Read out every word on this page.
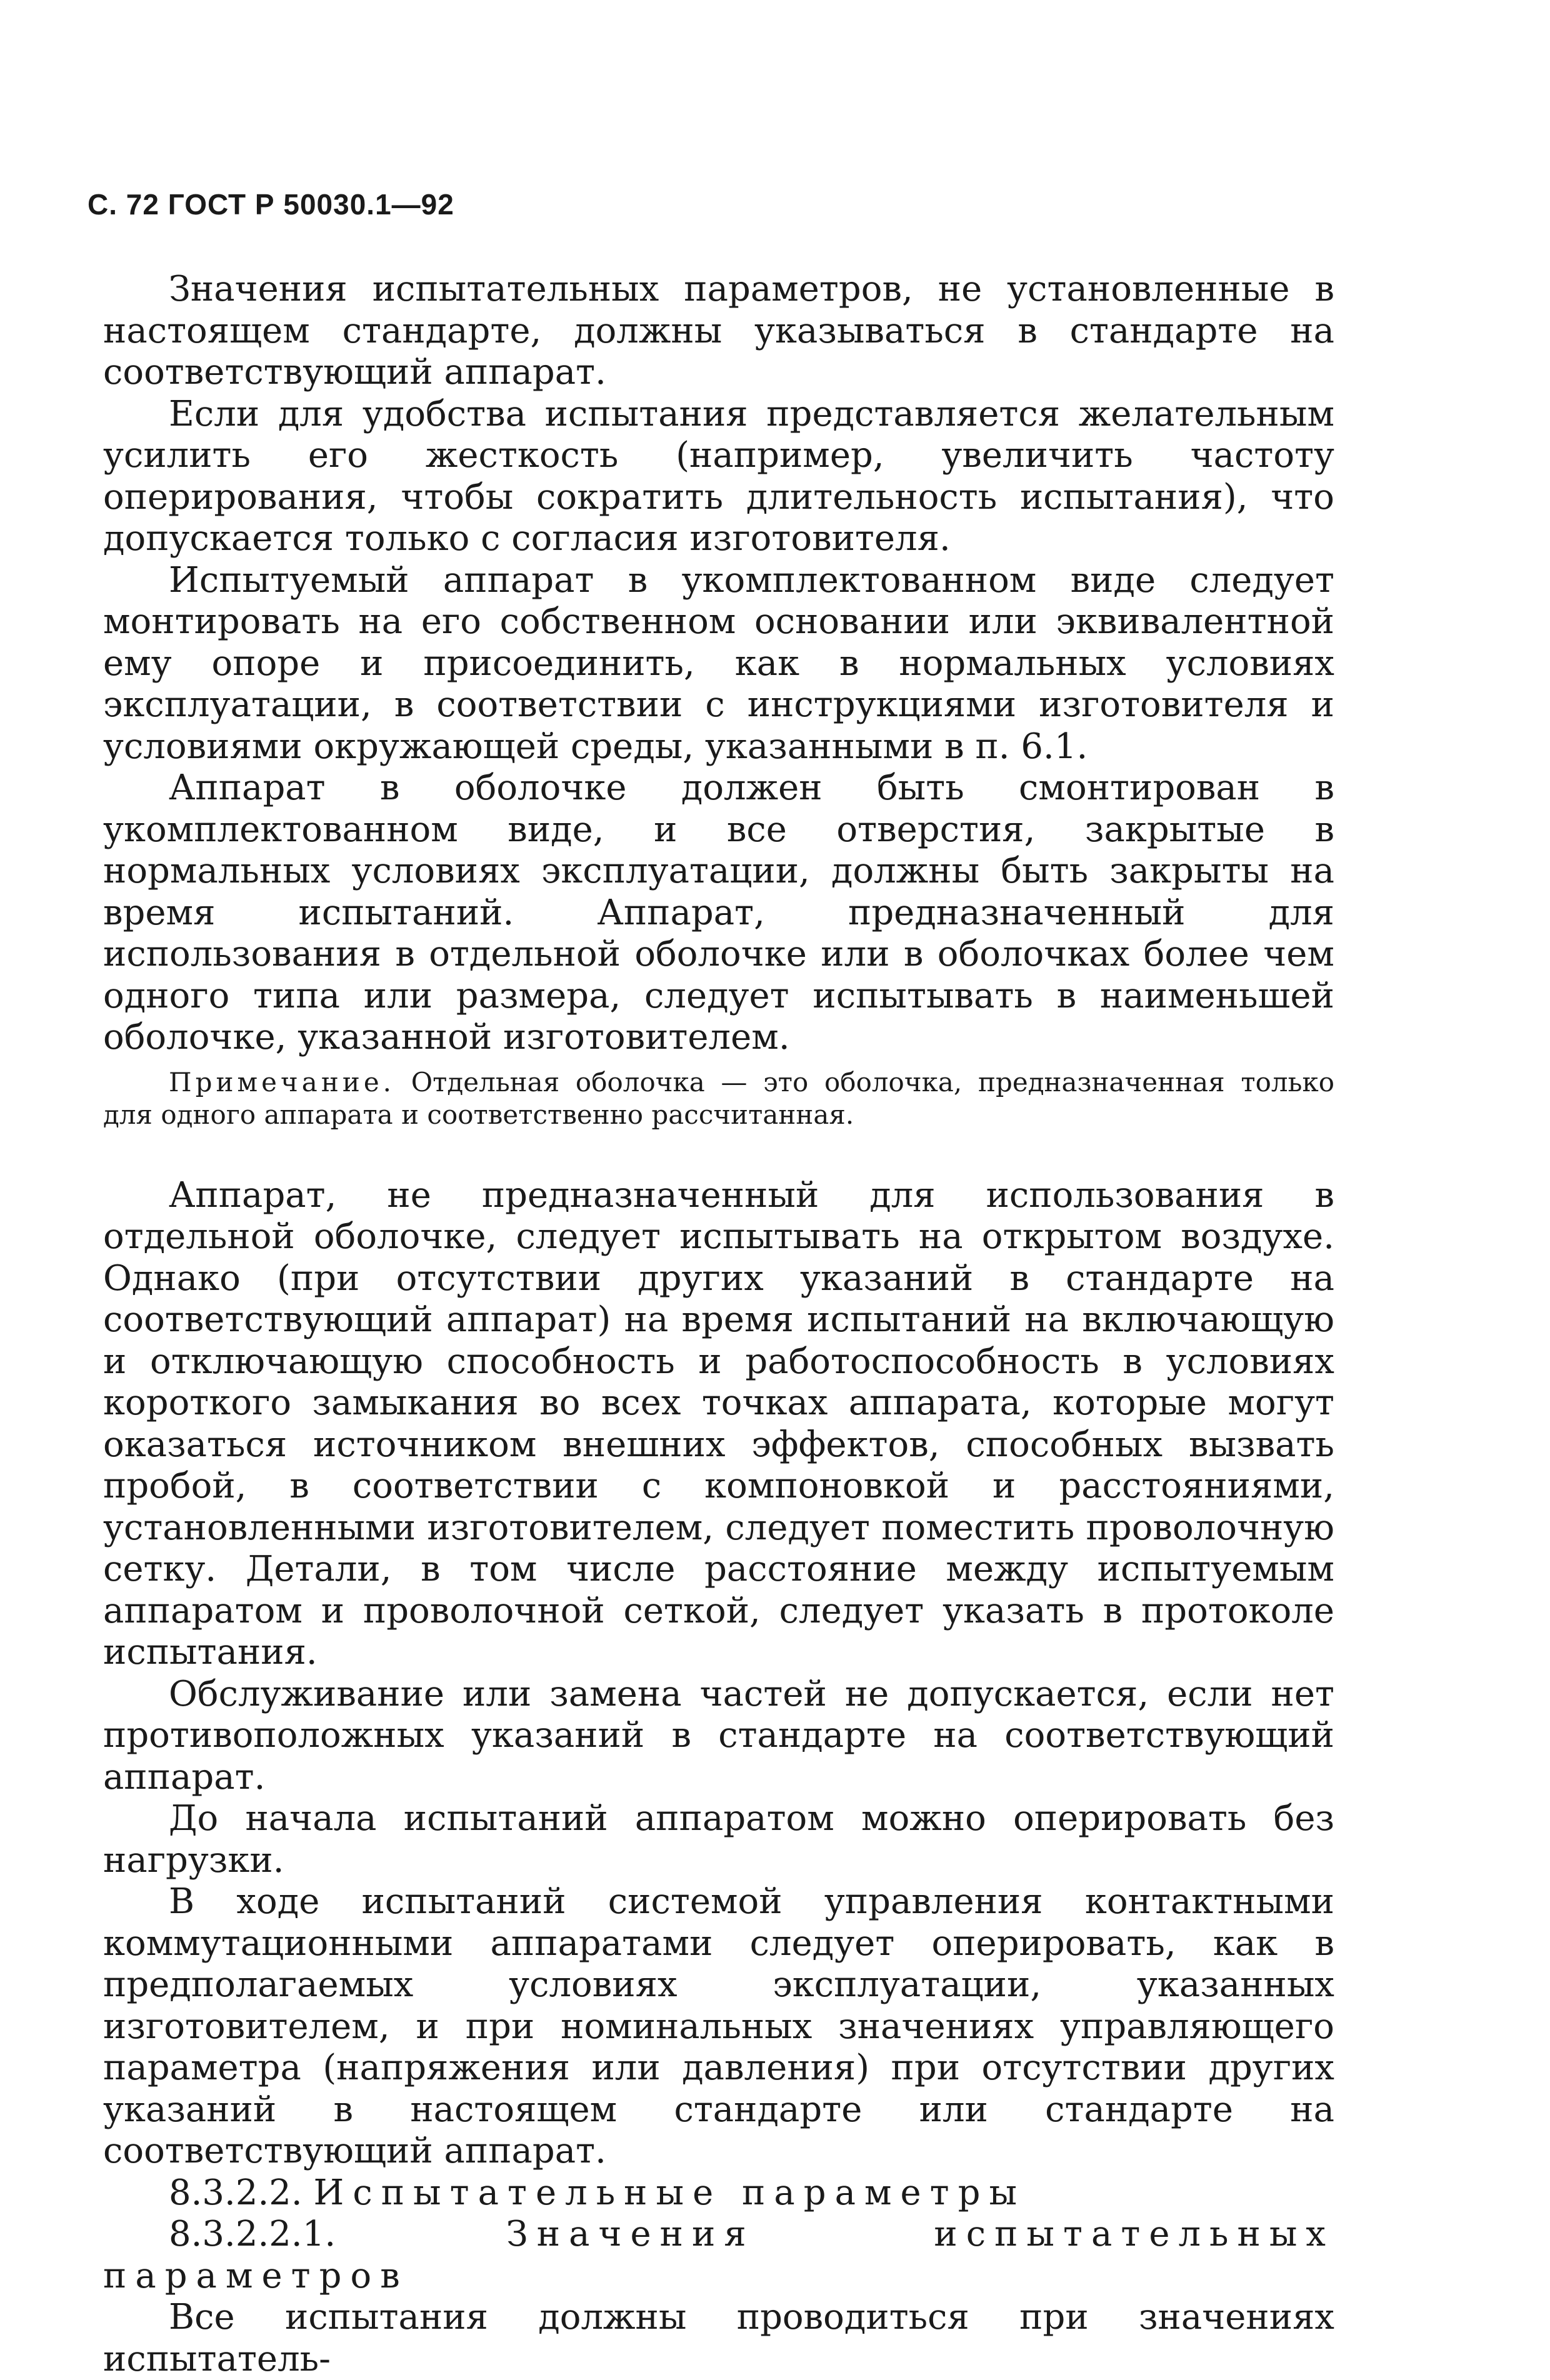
С. 72 ГОСТ Р 50030.1—92

Значения испытательных параметров, не установленные в настоящем стандарте, должны указываться в стандарте на соответствующий аппарат.

Если для удобства испытания представляется желательным усилить его жесткость (например, увеличить частоту оперирования, чтобы сократить длительность испытания), что допускается только с согласия изготовителя.

Испытуемый аппарат в укомплектованном виде следует монтировать на его собственном основании или эквивалентной ему опоре и присоединить, как в нормальных условиях эксплуатации, в соответствии с инструкциями изготовителя и условиями окружающей среды, указанными в п. 6.1.

Аппарат в оболочке должен быть смонтирован в укомплектованном виде, и все отверстия, закрытые в нормальных условиях эксплуатации, должны быть закрыты на время испытаний. Аппарат, предназначенный для использования в отдельной оболочке или в оболочках более чем одного типа или размера, следует испытывать в наименьшей оболочке, указанной изготовителем.

Примечание. Отдельная оболочка — это оболочка, предназначенная только для одного аппарата и соответственно рассчитанная.

Аппарат, не предназначенный для использования в отдельной оболочке, следует испытывать на открытом воздухе. Однако (при отсутствии других указаний в стандарте на соответствующий аппарат) на время испытаний на включающую и отключающую способность и работоспособность в условиях короткого замыкания во всех точках аппарата, которые могут оказаться источником внешних эффектов, способных вызвать пробой, в соответствии с компоновкой и расстояниями, установленными изготовителем, следует поместить проволочную сетку. Детали, в том числе расстояние между испытуемым аппаратом и проволочной сеткой, следует указать в протоколе испытания.

Обслуживание или замена частей не допускается, если нет противоположных указаний в стандарте на соответствующий аппарат.

До начала испытаний аппаратом можно оперировать без нагрузки.

В ходе испытаний системой управления контактными коммутационными аппаратами следует оперировать, как в предполагаемых условиях эксплуатации, указанных изготовителем, и при номинальных значениях управляющего параметра (напряжения или давления) при отсутствии других указаний в настоящем стандарте или стандарте на соответствующий аппарат.

8.3.2.2. Испытательные параметры

8.3.2.2.1.	Значения испытательных параметров

Все испытания должны проводиться при значениях испытатель-
